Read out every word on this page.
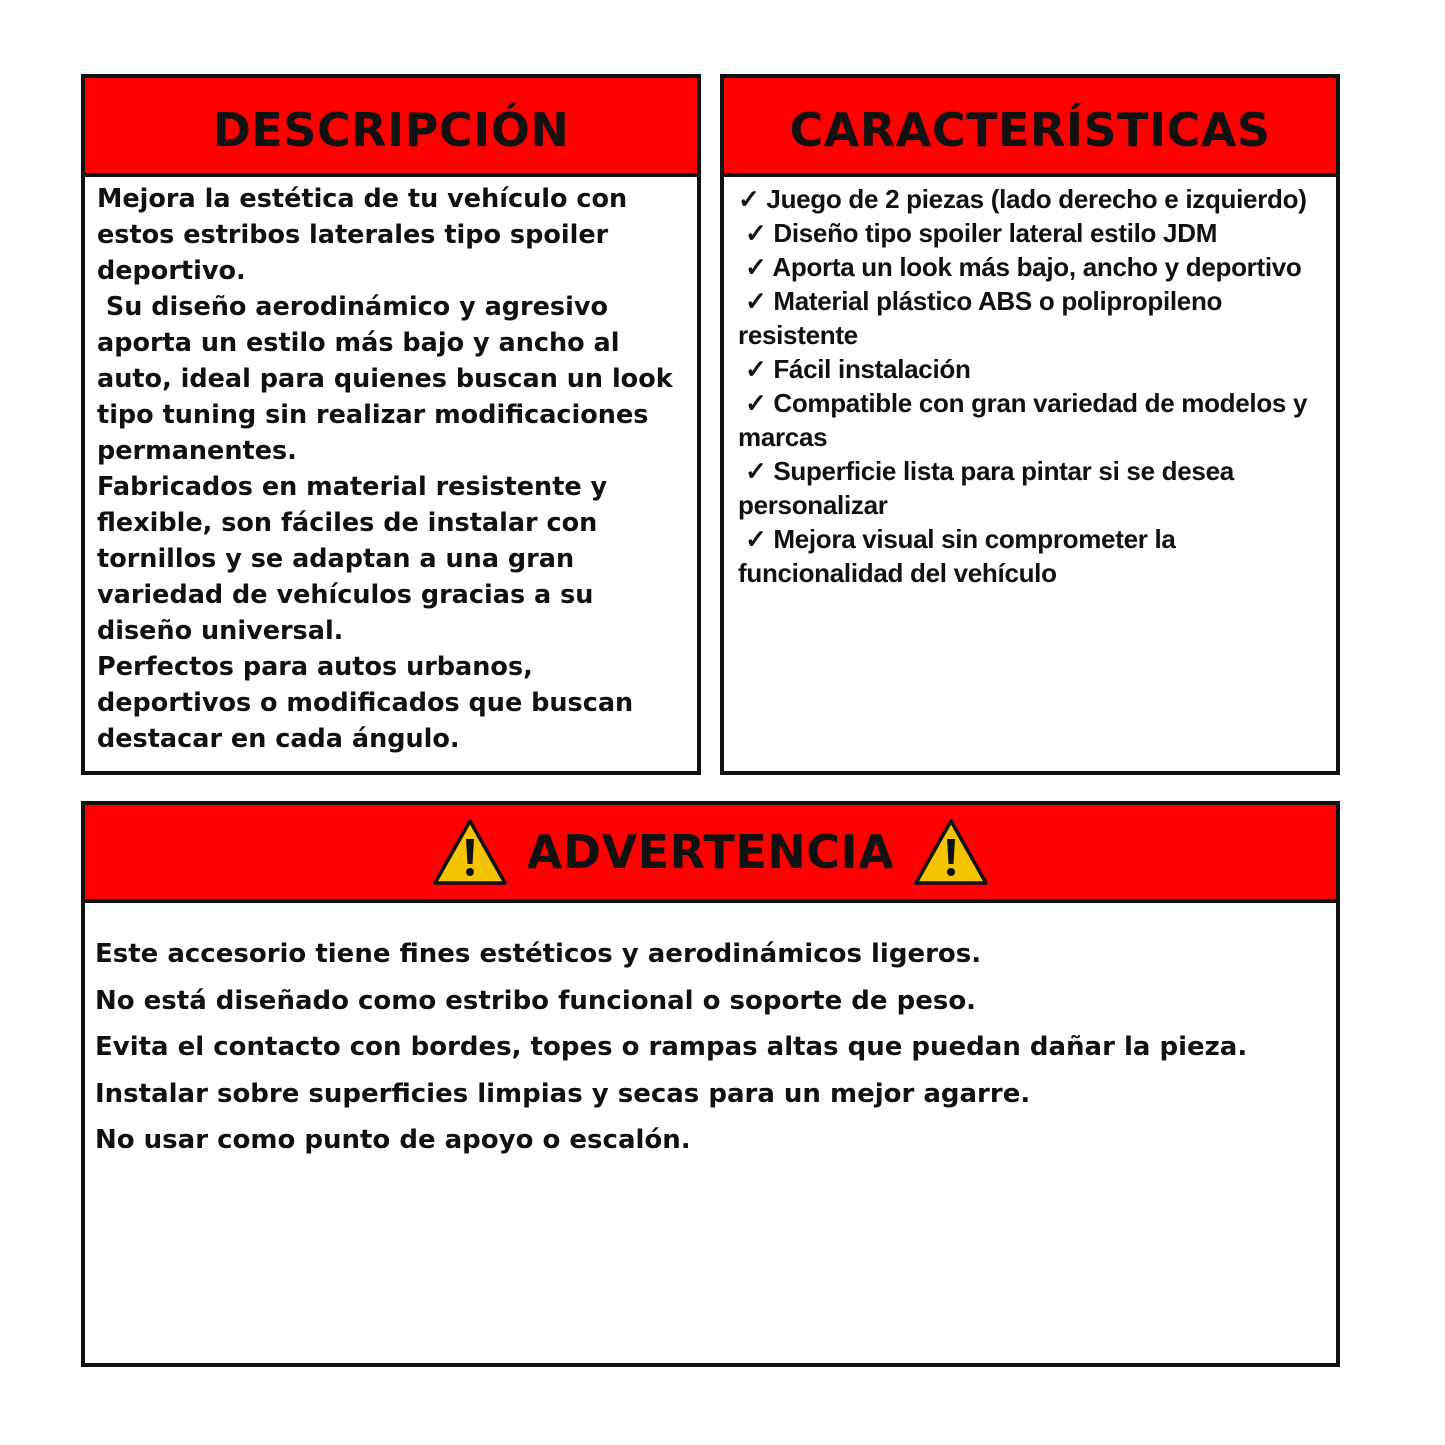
DESCRIPCIÓN

Mejora la estética de tu vehículo con estos estribos laterales tipo spoiler deportivo.

Su diseño aerodinámico y agresivo aporta un estilo más bajo y ancho al auto, ideal para quienes buscan un look tipo tuning sin realizar modificaciones permanentes.

Fabricados en material resistente y flexible, son fáciles de instalar con tornillos y se adaptan a una gran variedad de vehículos gracias a su diseño universal.

Perfectos para autos urbanos, deportivos o modificados que buscan destacar en cada ángulo.

CARACTERÍSTICAS

✓ Juego de 2 piezas (lado derecho e izquierdo)

✓ Diseño tipo spoiler lateral estilo JDM

✓ Aporta un look más bajo, ancho y deportivo

✓ Material plástico ABS o polipropileno resistente

✓ Fácil instalación

✓ Compatible con gran variedad de modelos y marcas

✓ Superficie lista para pintar si se desea personalizar

✓ Mejora visual sin comprometer la funcionalidad del vehículo

ADVERTENCIA

Este accesorio tiene fines estéticos y aerodinámicos ligeros.

No está diseñado como estribo funcional o soporte de peso.

Evita el contacto con bordes, topes o rampas altas que puedan dañar la pieza.

Instalar sobre superficies limpias y secas para un mejor agarre.

No usar como punto de apoyo o escalón.
